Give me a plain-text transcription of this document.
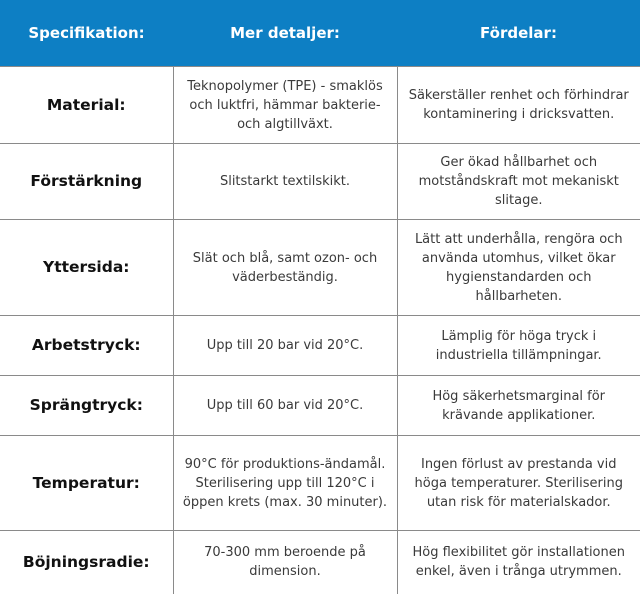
Specifikation:	Mer detaljer:	Fördelar:
Material:	Teknopolymer (TPE) - smaklös och luktfri, hämmar bakterie- och algtillväxt.	Säkerställer renhet och förhindrar kontaminering i dricksvatten.
Förstärkning	Slitstarkt textilskikt.	Ger ökad hållbarhet och motståndskraft mot mekaniskt slitage.
Yttersida:	Slät och blå, samt ozon- och väderbeständig.	Lätt att underhålla, rengöra och använda utomhus, vilket ökar hygienstandarden och hållbarheten.
Arbetstryck:	Upp till 20 bar vid 20°C.	Lämplig för höga tryck i industriella tillämpningar.
Sprängtryck:	Upp till 60 bar vid 20°C.	Hög säkerhetsmarginal för krävande applikationer.
Temperatur:	90°C för produktions-ändamål. Sterilisering upp till 120°C i öppen krets (max. 30 minuter).	Ingen förlust av prestanda vid höga temperaturer. Sterilisering utan risk för materialskador.
Böjningsradie:	70-300 mm beroende på dimension.	Hög flexibilitet gör installationen enkel, även i trånga utrymmen.
